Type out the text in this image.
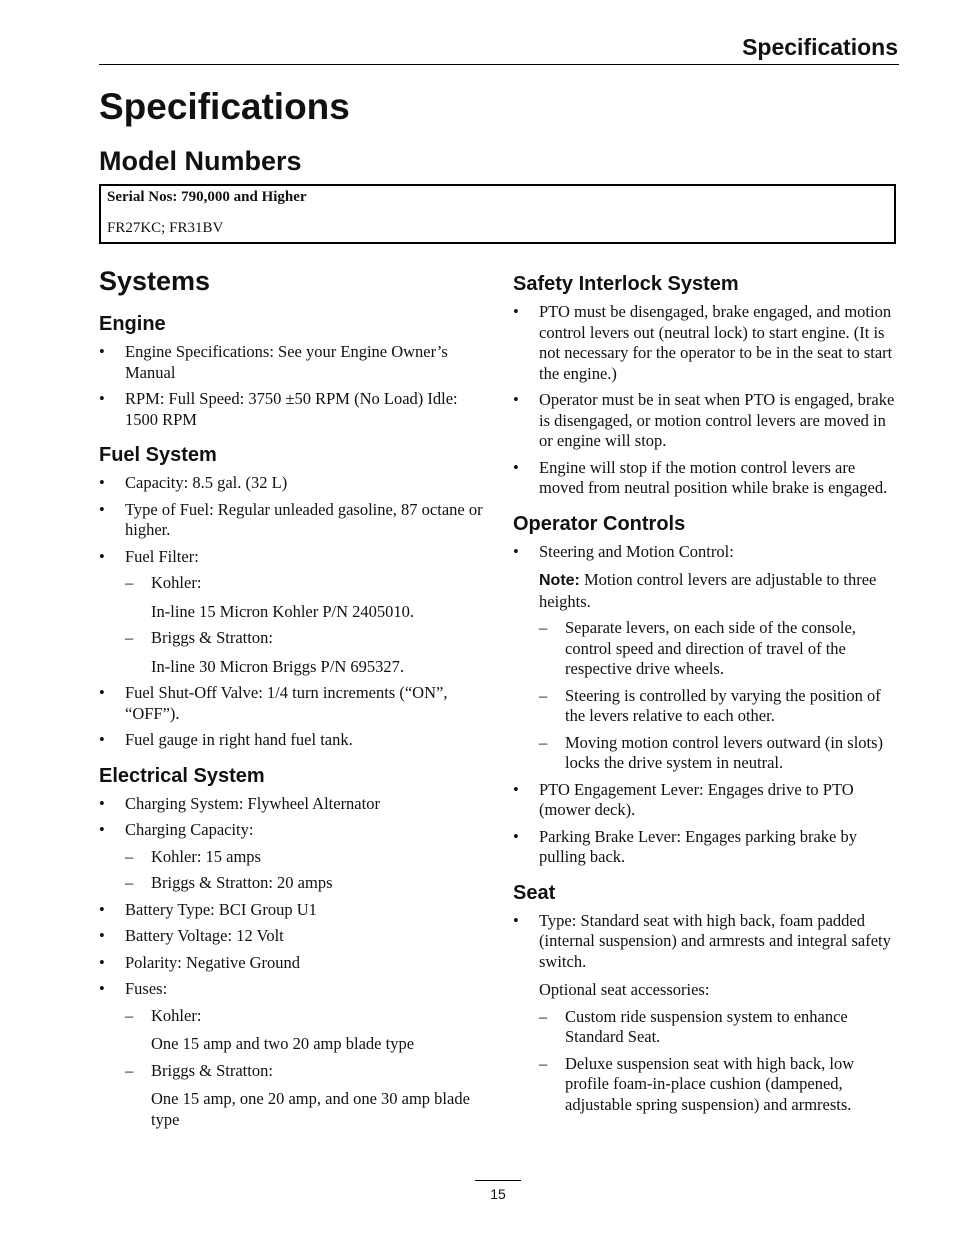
Specifications
Specifications
Model Numbers
Serial Nos: 790,000 and Higher
FR27KC; FR31BV
Systems
Engine
• Engine Specifications: See your Engine Owner’s Manual
• RPM: Full Speed: 3750 ±50 RPM (No Load) Idle: 1500 RPM
Fuel System
• Capacity: 8.5 gal. (32 L)
• Type of Fuel: Regular unleaded gasoline, 87 octane or higher.
• Fuel Filter:
– Kohler:
In-line 15 Micron Kohler P/N 2405010.
– Briggs & Stratton:
In-line 30 Micron Briggs P/N 695327.
• Fuel Shut-Off Valve: 1/4 turn increments (“ON”, “OFF”).
• Fuel gauge in right hand fuel tank.
Electrical System
• Charging System: Flywheel Alternator
• Charging Capacity:
– Kohler: 15 amps
– Briggs & Stratton: 20 amps
• Battery Type: BCI Group U1
• Battery Voltage: 12 Volt
• Polarity: Negative Ground
• Fuses:
– Kohler:
One 15 amp and two 20 amp blade type
– Briggs & Stratton:
One 15 amp, one 20 amp, and one 30 amp blade type
Safety Interlock System
• PTO must be disengaged, brake engaged, and motion control levers out (neutral lock) to start engine. (It is not necessary for the operator to be in the seat to start the engine.)
• Operator must be in seat when PTO is engaged, brake is disengaged, or motion control levers are moved in or engine will stop.
• Engine will stop if the motion control levers are moved from neutral position while brake is engaged.
Operator Controls
• Steering and Motion Control:
Note: Motion control levers are adjustable to three heights.
– Separate levers, on each side of the console, control speed and direction of travel of the respective drive wheels.
– Steering is controlled by varying the position of the levers relative to each other.
– Moving motion control levers outward (in slots) locks the drive system in neutral.
• PTO Engagement Lever: Engages drive to PTO (mower deck).
• Parking Brake Lever: Engages parking brake by pulling back.
Seat
• Type: Standard seat with high back, foam padded (internal suspension) and armrests and integral safety switch.
Optional seat accessories:
– Custom ride suspension system to enhance Standard Seat.
– Deluxe suspension seat with high back, low profile foam-in-place cushion (dampened, adjustable spring suspension) and armrests.
15
